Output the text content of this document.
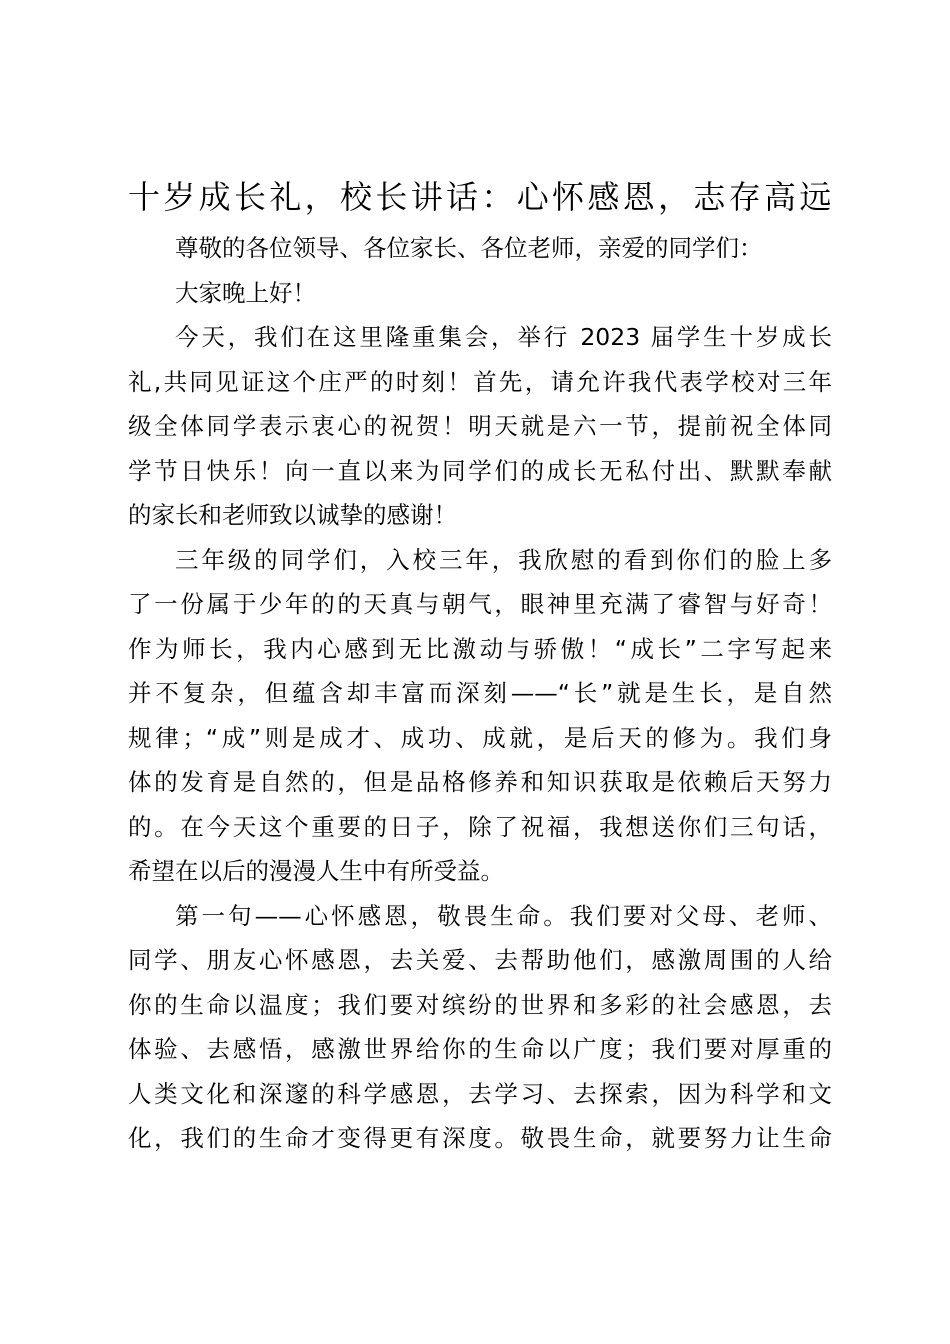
十岁成长礼，校长讲话：心怀感恩，志存高远

尊敬的各位领导、各位家长、各位老师，亲爱的同学们：

大家晚上好！

今天，我们在这里隆重集会，举行 2023 届学生十岁成长
礼,共同见证这个庄严的时刻！首先，请允许我代表学校对三年
级全体同学表示衷心的祝贺！明天就是六一节，提前祝全体同
学节日快乐！向一直以来为同学们的成长无私付出、默默奉献
的家长和老师致以诚挚的感谢！

三年级的同学们，入校三年，我欣慰的看到你们的脸上多
了一份属于少年的的天真与朝气，眼神里充满了睿智与好奇！
作为师长，我内心感到无比激动与骄傲！“成长”二字写起来
并不复杂，但蕴含却丰富而深刻——“长”就是生长，是自然
规律；“成”则是成才、成功、成就，是后天的修为。我们身
体的发育是自然的，但是品格修养和知识获取是依赖后天努力
的。在今天这个重要的日子，除了祝福，我想送你们三句话，
希望在以后的漫漫人生中有所受益。

第一句——心怀感恩，敬畏生命。我们要对父母、老师、
同学、朋友心怀感恩，去关爱、去帮助他们，感激周围的人给
你的生命以温度；我们要对缤纷的世界和多彩的社会感恩，去
体验、去感悟，感激世界给你的生命以广度；我们要对厚重的
人类文化和深邃的科学感恩，去学习、去探索，因为科学和文
化，我们的生命才变得更有深度。敬畏生命，就要努力让生命
